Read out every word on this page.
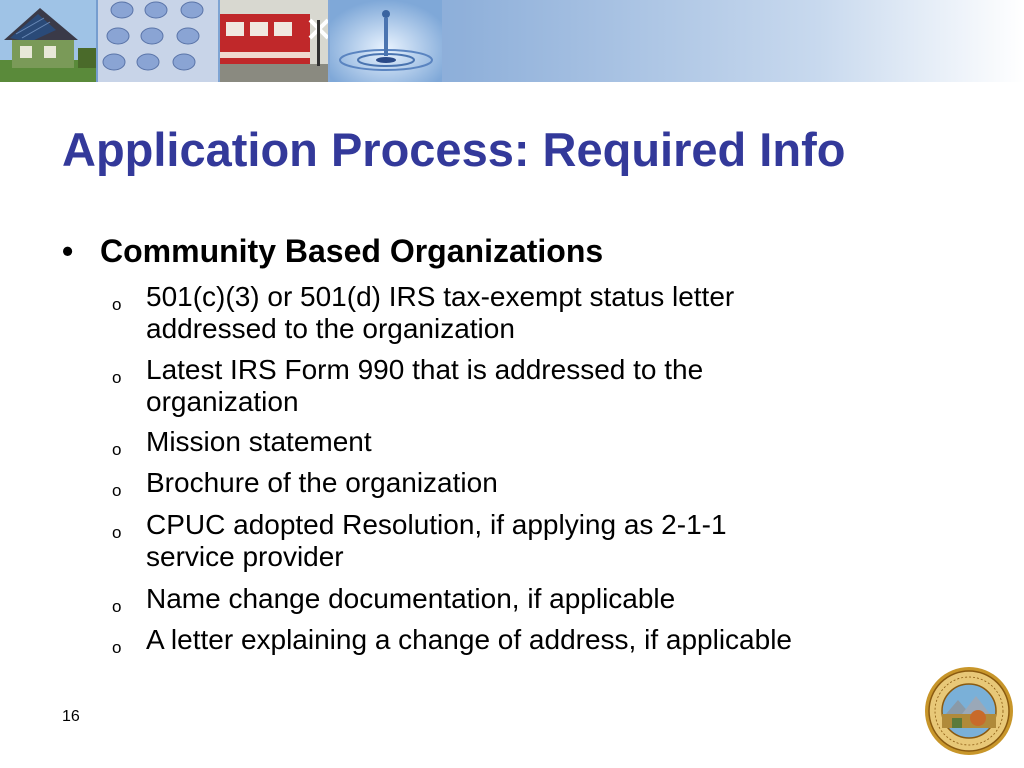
Application Process: Required Info
• Community Based Organizations
o 501(c)(3) or 501(d) IRS tax-exempt status letter
addressed to the organization
o Latest IRS Form 990 that is addressed to the
organization
o Mission statement
o Brochure of the organization
o CPUC adopted Resolution, if applying as 2-1-1
service provider
o Name change documentation, if applicable
o A letter explaining a change of address, if applicable
16
